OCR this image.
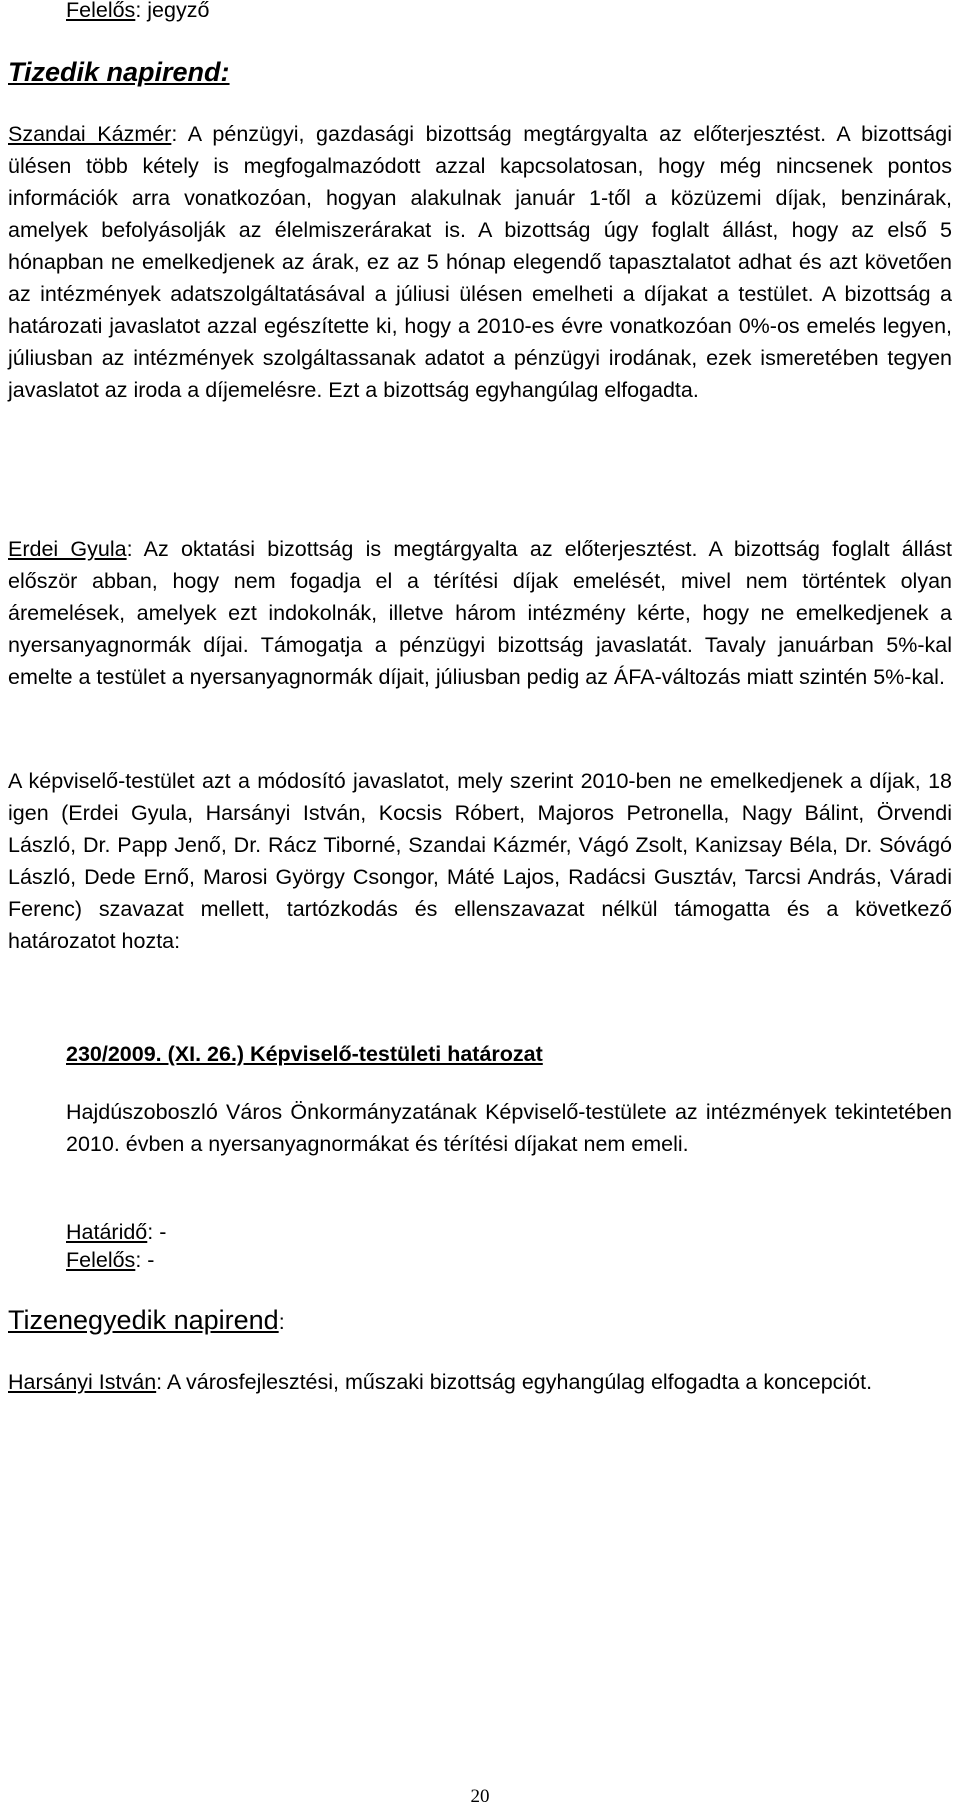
Felelős: jegyző

Tizedik napirend:

Szandai Kázmér: A pénzügyi, gazdasági bizottság megtárgyalta az előterjesztést. A bizottsági ülésen több kétely is megfogalmazódott azzal kapcsolatosan, hogy még nincsenek pontos információk arra vonatkozóan, hogyan alakulnak január 1-től a közüzemi díjak, benzinárak, amelyek befolyásolják az élelmiszerárakat is. A bizottság úgy foglalt állást, hogy az első 5 hónapban ne emelkedjenek az árak, ez az 5 hónap elegendő tapasztalatot adhat és azt követően az intézmények adatszolgáltatásával a júliusi ülésen emelheti a díjakat a testület. A bizottság a határozati javaslatot azzal egészítette ki, hogy a 2010-es évre vonatkozóan 0%-os emelés legyen, júliusban az intézmények szolgáltassanak adatot a pénzügyi irodának, ezek ismeretében tegyen javaslatot az iroda a díjemelésre. Ezt a bizottság egyhangúlag elfogadta.

Erdei Gyula: Az oktatási bizottság is megtárgyalta az előterjesztést. A bizottság foglalt állást először abban, hogy nem fogadja el a térítési díjak emelését, mivel nem történtek olyan áremelések, amelyek ezt indokolnák, illetve három intézmény kérte, hogy ne emelkedjenek a nyersanyagnormák díjai. Támogatja a pénzügyi bizottság javaslatát. Tavaly januárban 5%-kal emelte a testület a nyersanyagnormák díjait, júliusban pedig az ÁFA-változás miatt szintén 5%-kal.

A képviselő-testület azt a módosító javaslatot, mely szerint 2010-ben ne emelkedjenek a díjak, 18 igen (Erdei Gyula, Harsányi István, Kocsis Róbert, Majoros Petronella, Nagy Bálint, Örvendi László, Dr. Papp Jenő, Dr. Rácz Tiborné, Szandai Kázmér, Vágó Zsolt, Kanizsay Béla, Dr. Sóvágó László, Dede Ernő, Marosi György Csongor, Máté Lajos, Radácsi Gusztáv, Tarcsi András, Váradi Ferenc) szavazat mellett, tartózkodás és ellenszavazat nélkül támogatta és a következő határozatot hozta:

230/2009. (XI. 26.) Képviselő-testületi határozat

Hajdúszoboszló Város Önkormányzatának Képviselő-testülete az intézmények tekintetében 2010. évben a nyersanyagnormákat és térítési díjakat nem emeli.

Határidő: -

Felelős: -

Tizenegyedik napirend:

Harsányi István: A városfejlesztési, műszaki bizottság egyhangúlag elfogadta a koncepciót.

20
